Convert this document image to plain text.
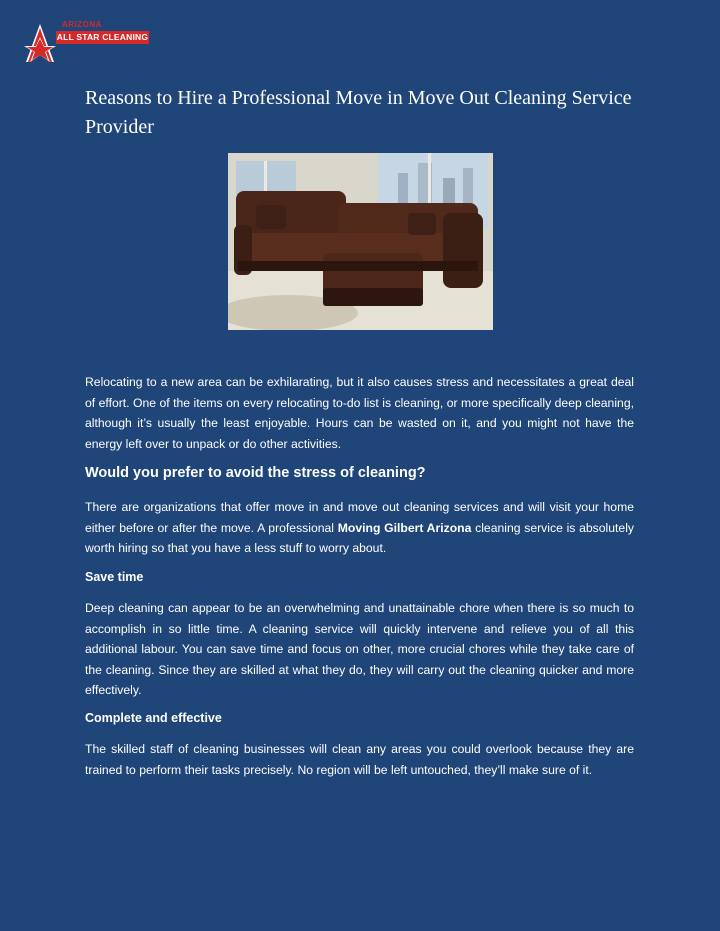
ARIZONA
ALL STAR CLEANING
Reasons to Hire a Professional Move in Move Out Cleaning Service Provider

Relocating to a new area can be exhilarating, but it also causes stress and necessitates a great deal of effort. One of the items on every relocating to-do list is cleaning, or more specifically deep cleaning, although it’s usually the least enjoyable. Hours can be wasted on it, and you might not have the energy left over to unpack or do other activities.

Would you prefer to avoid the stress of cleaning?

There are organizations that offer move in and move out cleaning services and will visit your home either before or after the move. A professional Moving Gilbert Arizona cleaning service is absolutely worth hiring so that you have a less stuff to worry about.

Save time

Deep cleaning can appear to be an overwhelming and unattainable chore when there is so much to accomplish in so little time. A cleaning service will quickly intervene and relieve you of all this additional labour. You can save time and focus on other, more crucial chores while they take care of the cleaning. Since they are skilled at what they do, they will carry out the cleaning quicker and more effectively.

Complete and effective

The skilled staff of cleaning businesses will clean any areas you could overlook because they are trained to perform their tasks precisely. No region will be left untouched, they’ll make sure of it.
